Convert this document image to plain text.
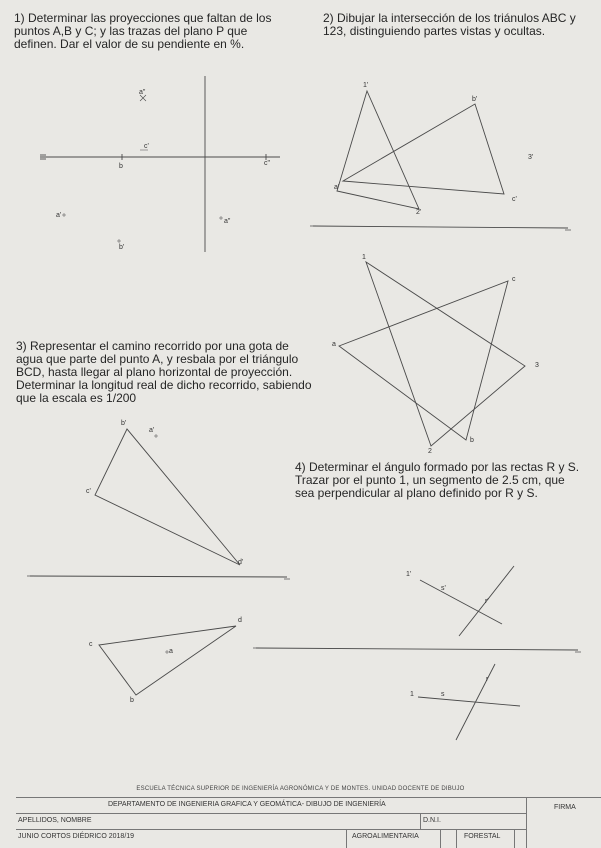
1) Determinar las proyecciones que faltan de los
puntos A,B y C; y las trazas del plano P que
definen. Dar el valor de su pendiente en %.
2) Dibujar la intersección de los triánulos ABC y
123, distinguiendo partes vistas y ocultas.
3) Representar el camino recorrido por una gota de
agua que parte del punto A, y resbala por el triángulo
BCD, hasta llegar al plano horizontal de proyección.
Determinar la longitud real de dicho recorrido, sabiendo
que la escala es 1/200
4) Determinar el ángulo formado por las rectas R y S.
Trazar por el punto 1, un segmento de 2.5 cm, que
sea perpendicular al plano definido por R y S.
a"
c'
b	c"
a'
a"
b'
1'
b'
3'
a'
c'
2'
1
c
a
3
b
2
b'
a'
c'
d'
d
c
a
b
1'
s'
r'
r
1	s
ESCUELA TÉCNICA SUPERIOR DE INGENIERÍA AGRONÓMICA Y DE MONTES. UNIDAD DOCENTE DE DIBUJO
DEPARTAMENTO DE INGENIERIA GRAFICA Y GEOMÁTICA- DIBUJO DE INGENIERÍA	FIRMA
APELLIDOS, NOMBRE	D.N.I.
JUNIO CORTOS DIÉDRICO 2018/19	AGROALIMENTARIA	FORESTAL
